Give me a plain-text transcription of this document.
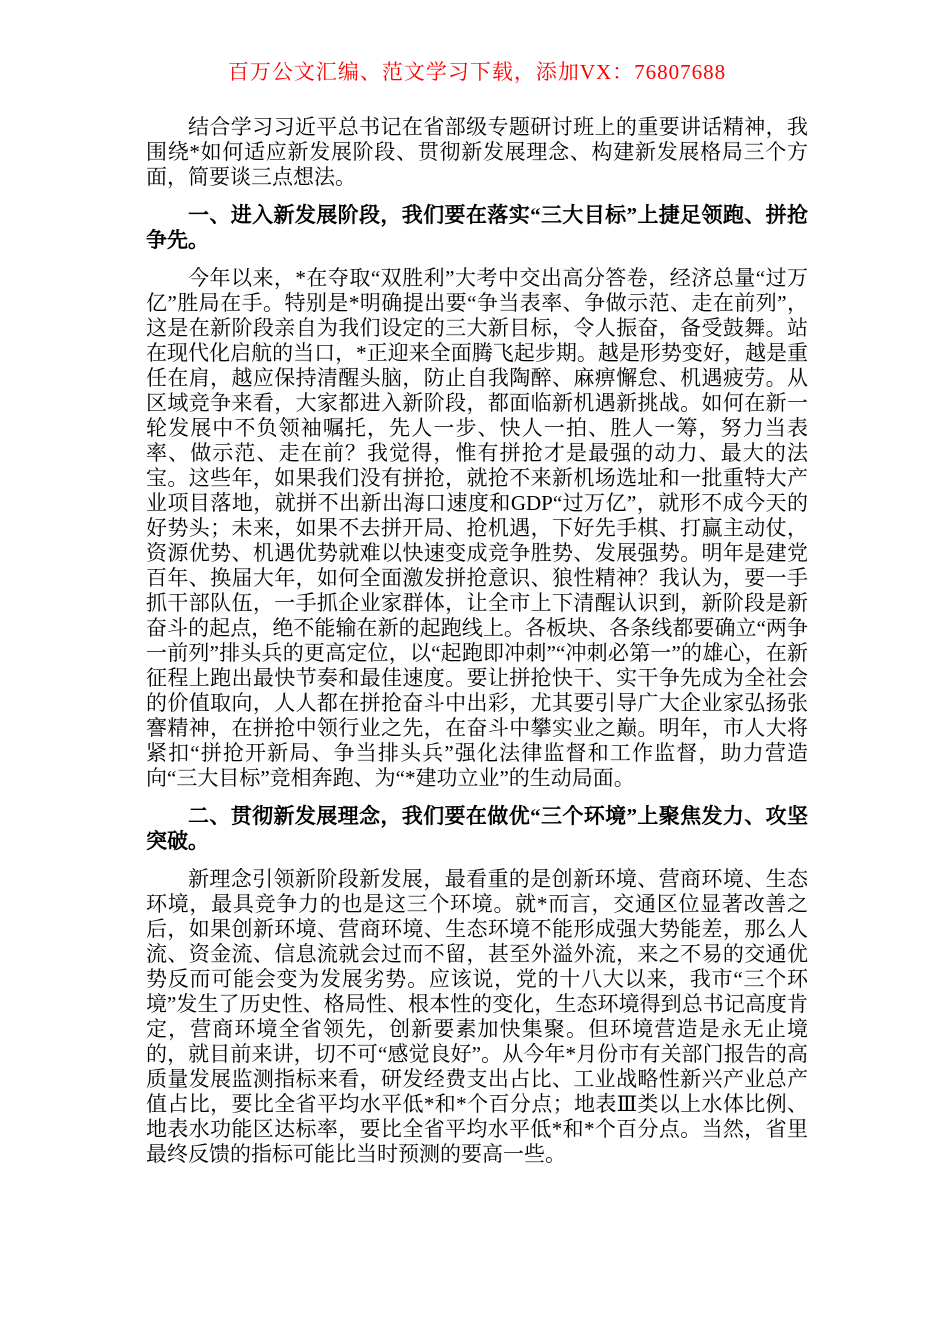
百万公文汇编、范文学习下载，添加VX：76807688

结合学习习近平总书记在省部级专题研讨班上的重要讲话精神，我围绕*如何适应新发展阶段、贯彻新发展理念、构建新发展格局三个方面，简要谈三点想法。

一、进入新发展阶段，我们要在落实“三大目标”上捷足领跑、拼抢争先。

今年以来，*在夺取“双胜利”大考中交出高分答卷，经济总量“过万亿”胜局在手。特别是*明确提出要“争当表率、争做示范、走在前列”，这是在新阶段亲自为我们设定的三大新目标，令人振奋，备受鼓舞。站在现代化启航的当口，*正迎来全面腾飞起步期。越是形势变好，越是重任在肩，越应保持清醒头脑，防止自我陶醉、麻痹懈怠、机遇疲劳。从区域竞争来看，大家都进入新阶段，都面临新机遇新挑战。如何在新一轮发展中不负领袖嘱托，先人一步、快人一拍、胜人一筹，努力当表率、做示范、走在前？我觉得，惟有拼抢才是最强的动力、最大的法宝。这些年，如果我们没有拼抢，就抢不来新机场选址和一批重特大产业项目落地，就拼不出新出海口速度和GDP“过万亿”，就形不成今天的好势头；未来，如果不去拼开局、抢机遇，下好先手棋、打赢主动仗，资源优势、机遇优势就难以快速变成竞争胜势、发展强势。明年是建党百年、换届大年，如何全面激发拼抢意识、狼性精神？我认为，要一手抓干部队伍，一手抓企业家群体，让全市上下清醒认识到，新阶段是新奋斗的起点，绝不能输在新的起跑线上。各板块、各条线都要确立“两争一前列”排头兵的更高定位，以“起跑即冲刺”“冲刺必第一”的雄心，在新征程上跑出最快节奏和最佳速度。要让拼抢快干、实干争先成为全社会的价值取向，人人都在拼抢奋斗中出彩，尤其要引导广大企业家弘扬张謇精神，在拼抢中领行业之先，在奋斗中攀实业之巅。明年，市人大将紧扣“拼抢开新局、争当排头兵”强化法律监督和工作监督，助力营造向“三大目标”竞相奔跑、为“*建功立业”的生动局面。

二、贯彻新发展理念，我们要在做优“三个环境”上聚焦发力、攻坚突破。

新理念引领新阶段新发展，最看重的是创新环境、营商环境、生态环境，最具竞争力的也是这三个环境。就*而言，交通区位显著改善之后，如果创新环境、营商环境、生态环境不能形成强大势能差，那么人流、资金流、信息流就会过而不留，甚至外溢外流，来之不易的交通优势反而可能会变为发展劣势。应该说，党的十八大以来，我市“三个环境”发生了历史性、格局性、根本性的变化，生态环境得到总书记高度肯定，营商环境全省领先，创新要素加快集聚。但环境营造是永无止境的，就目前来讲，切不可“感觉良好”。从今年*月份市有关部门报告的高质量发展监测指标来看，研发经费支出占比、工业战略性新兴产业总产值占比，要比全省平均水平低*和*个百分点；地表Ⅲ类以上水体比例、地表水功能区达标率，要比全省平均水平低*和*个百分点。当然，省里最终反馈的指标可能比当时预测的要高一些。
